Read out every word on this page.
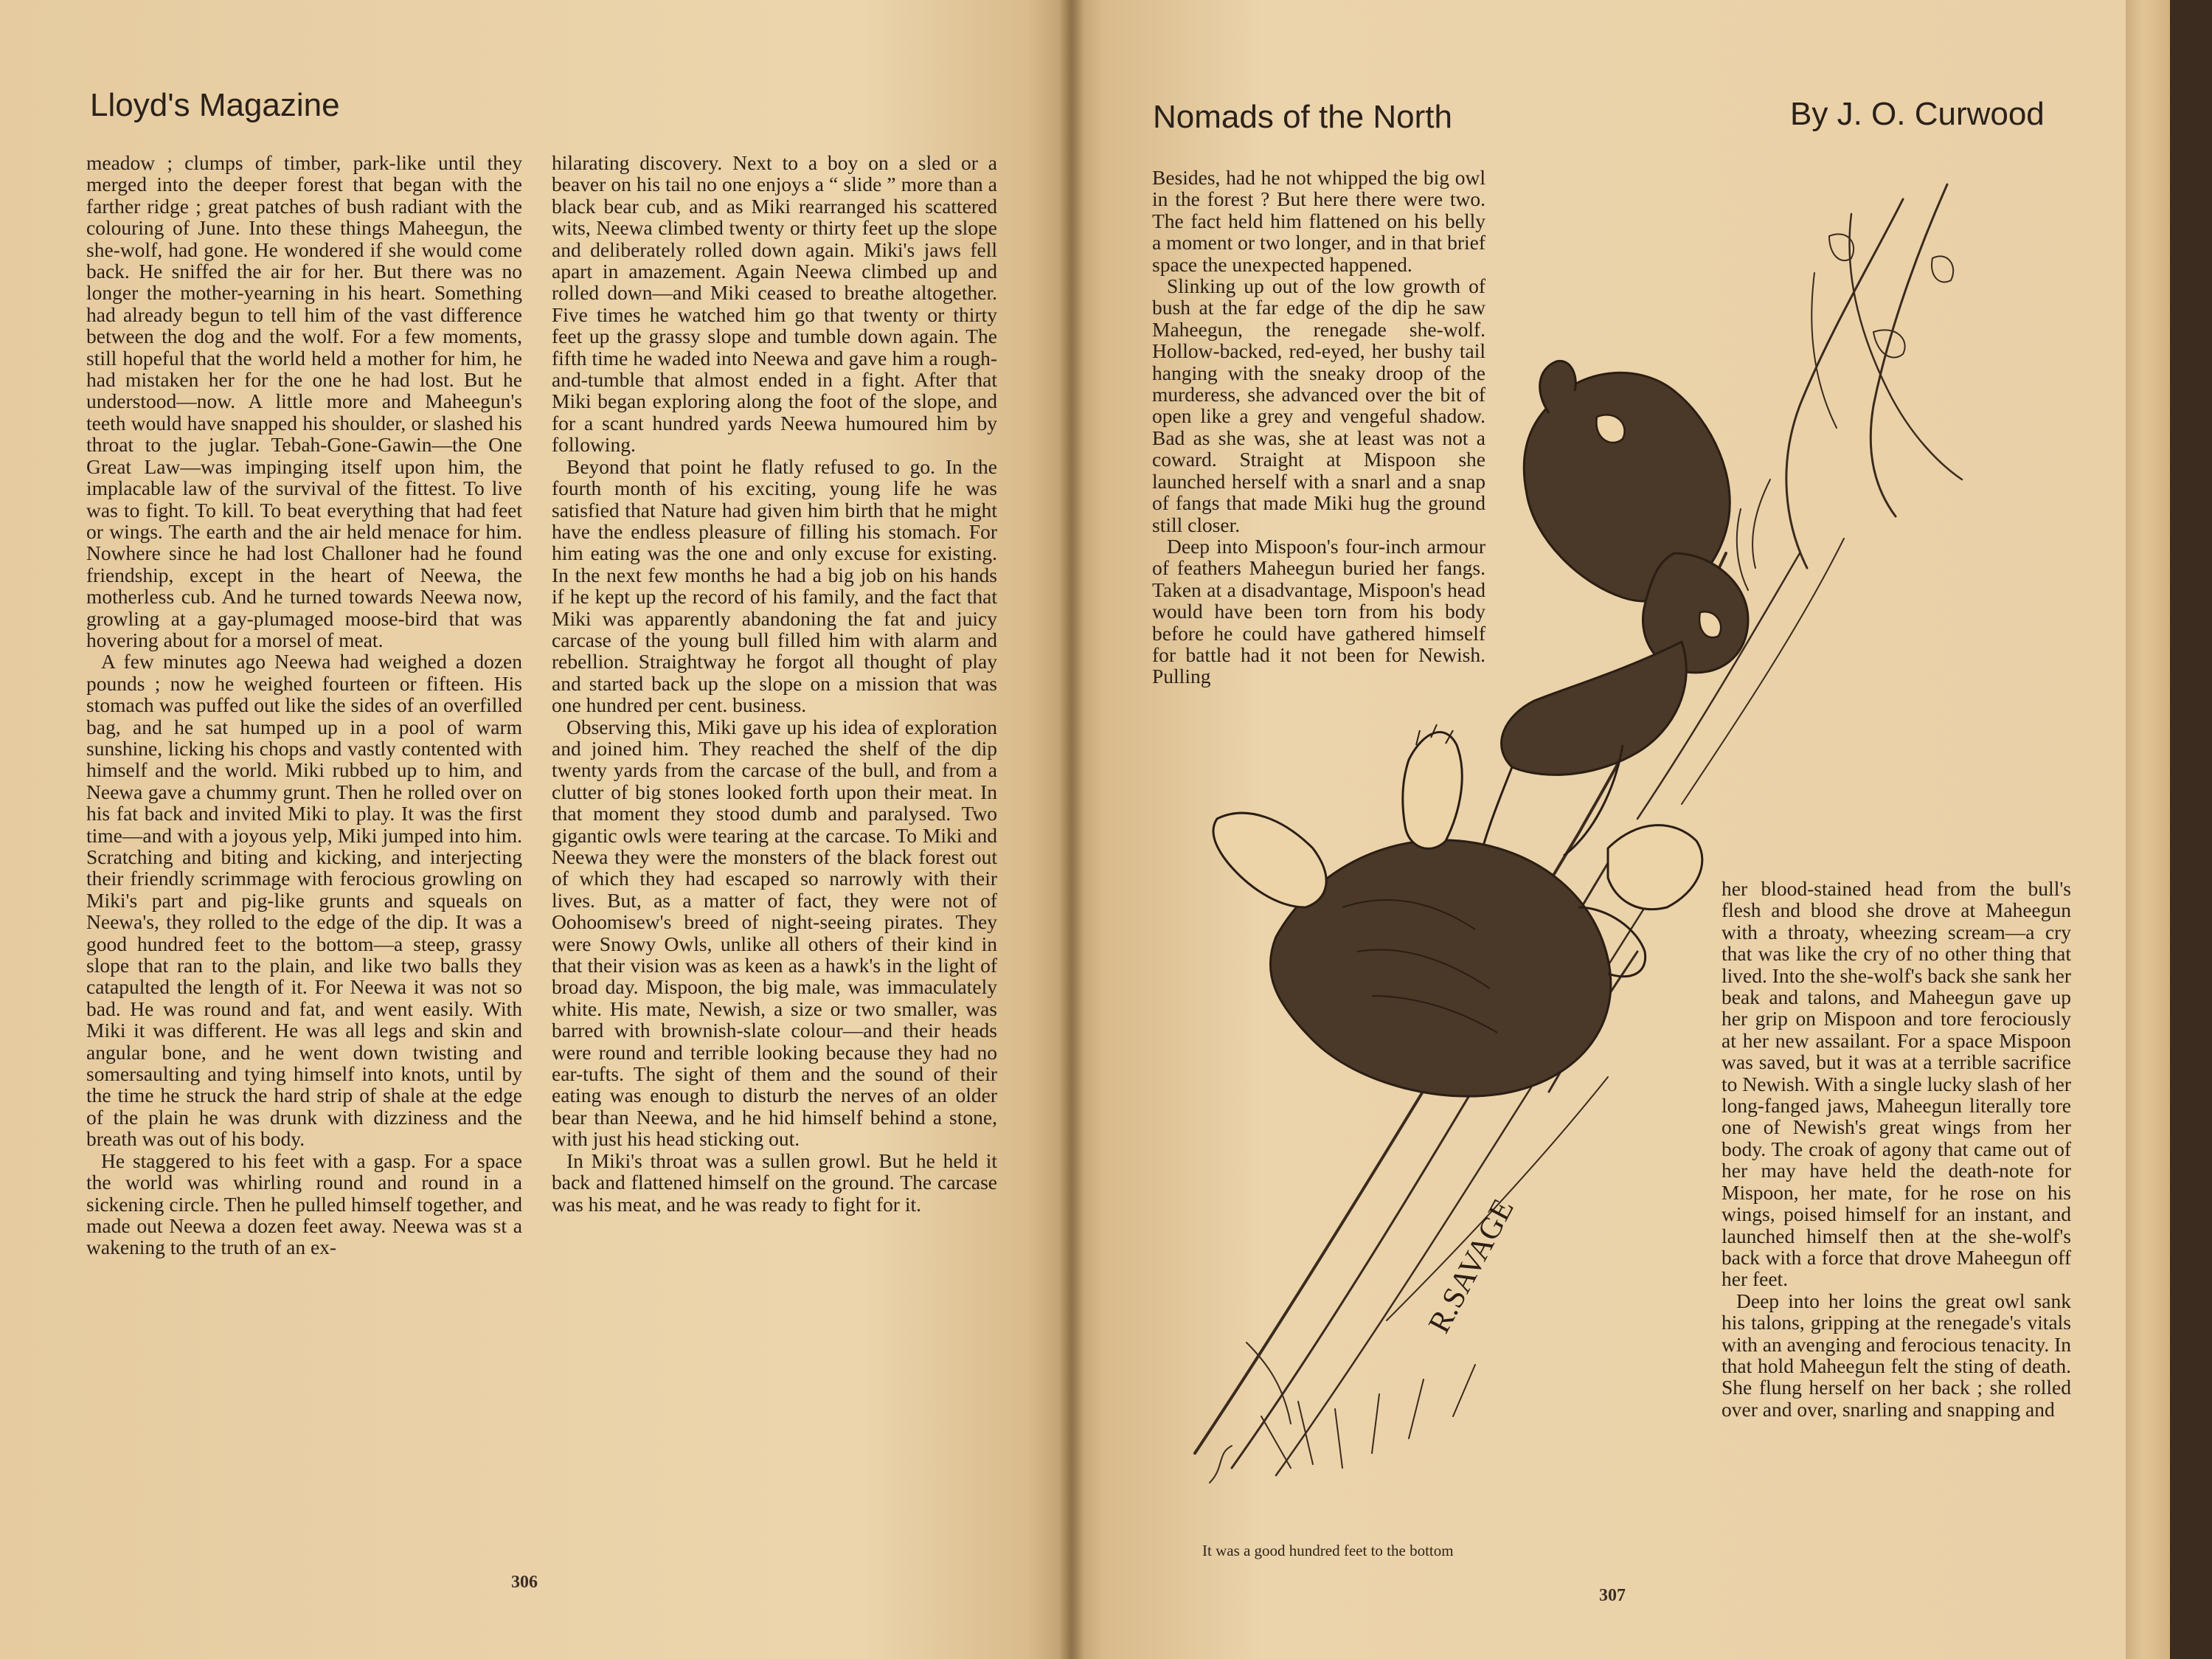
Lloyd's Magazine

meadow ; clumps of timber, park-like until they merged into the deeper forest that began with the farther ridge ; great patches of bush radiant with the colouring of June. Into these things Maheegun, the she-wolf, had gone. He wondered if she would come back. He sniffed the air for her. But there was no longer the mother-yearning in his heart. Something had already begun to tell him of the vast difference between the dog and the wolf. For a few moments, still hopeful that the world held a mother for him, he had mistaken her for the one he had lost. But he understood—now. A little more and Maheegun's teeth would have snapped his shoulder, or slashed his throat to the juglar. Tebah-Gone-Gawin—the One Great Law—was impinging itself upon him, the implacable law of the survival of the fittest. To live was to fight. To kill. To beat everything that had feet or wings. The earth and the air held menace for him. Nowhere since he had lost Challoner had he found friendship, except in the heart of Neewa, the motherless cub. And he turned towards Neewa now, growling at a gay-plumaged moose-bird that was hovering about for a morsel of meat.

A few minutes ago Neewa had weighed a dozen pounds ; now he weighed fourteen or fifteen. His stomach was puffed out like the sides of an overfilled bag, and he sat humped up in a pool of warm sunshine, licking his chops and vastly contented with himself and the world. Miki rubbed up to him, and Neewa gave a chummy grunt. Then he rolled over on his fat back and invited Miki to play. It was the first time—and with a joyous yelp, Miki jumped into him. Scratching and biting and kicking, and interjecting their friendly scrimmage with ferocious growling on Miki's part and pig-like grunts and squeals on Neewa's, they rolled to the edge of the dip. It was a good hundred feet to the bottom—a steep, grassy slope that ran to the plain, and like two balls they catapulted the length of it. For Neewa it was not so bad. He was round and fat, and went easily. With Miki it was different. He was all legs and skin and angular bone, and he went down twisting and somersaulting and tying himself into knots, until by the time he struck the hard strip of shale at the edge of the plain he was drunk with dizziness and the breath was out of his body.

He staggered to his feet with a gasp. For a space the world was whirling round and round in a sickening circle. Then he pulled himself together, and made out Neewa a dozen feet away. Neewa was st a wakening to the truth of an ex-

hilarating discovery. Next to a boy on a sled or a beaver on his tail no one enjoys a “ slide ” more than a black bear cub, and as Miki rearranged his scattered wits, Neewa climbed twenty or thirty feet up the slope and deliberately rolled down again. Miki's jaws fell apart in amazement. Again Neewa climbed up and rolled down—and Miki ceased to breathe altogether. Five times he watched him go that twenty or thirty feet up the grassy slope and tumble down again. The fifth time he waded into Neewa and gave him a rough-and-tumble that almost ended in a fight. After that Miki began exploring along the foot of the slope, and for a scant hundred yards Neewa humoured him by following.

Beyond that point he flatly refused to go. In the fourth month of his exciting, young life he was satisfied that Nature had given him birth that he might have the endless pleasure of filling his stomach. For him eating was the one and only excuse for existing. In the next few months he had a big job on his hands if he kept up the record of his family, and the fact that Miki was apparently abandoning the fat and juicy carcase of the young bull filled him with alarm and rebellion. Straightway he forgot all thought of play and started back up the slope on a mission that was one hundred per cent. business.

Observing this, Miki gave up his idea of exploration and joined him. They reached the shelf of the dip twenty yards from the carcase of the bull, and from a clutter of big stones looked forth upon their meat. In that moment they stood dumb and paralysed. Two gigantic owls were tearing at the carcase. To Miki and Neewa they were the monsters of the black forest out of which they had escaped so narrowly with their lives. But, as a matter of fact, they were not of Oohoomisew's breed of night-seeing pirates. They were Snowy Owls, unlike all others of their kind in that their vision was as keen as a hawk's in the light of broad day. Mispoon, the big male, was immaculately white. His mate, Newish, a size or two smaller, was barred with brownish-slate colour—and their heads were round and terrible looking because they had no ear-tufts. The sight of them and the sound of their eating was enough to disturb the nerves of an older bear than Neewa, and he hid himself behind a stone, with just his head sticking out.

In Miki's throat was a sullen growl. But he held it back and flattened himself on the ground. The carcase was his meat, and he was ready to fight for it.

306
Nomads of the North	By J. O. Curwood

Besides, had he not whipped the big owl in the forest ? But here there were two. The fact held him flattened on his belly a moment or two longer, and in that brief space the unexpected happened.

Slinking up out of the low growth of bush at the far edge of the dip he saw Maheegun, the renegade she-wolf. Hollow-backed, red-eyed, her bushy tail hanging with the sneaky droop of the murderess, she advanced over the bit of open like a grey and vengeful shadow. Bad as she was, she at least was not a coward. Straight at Mispoon she launched herself with a snarl and a snap of fangs that made Miki hug the ground still closer.

Deep into Mispoon's four-inch armour of feathers Maheegun buried her fangs. Taken at a disadvantage, Mispoon's head would have been torn from his body before he could have gathered himself for battle had it not been for Newish. Pulling

her blood-stained head from the bull's flesh and blood she drove at Maheegun with a throaty, wheezing scream—a cry that was like the cry of no other thing that lived. Into the she-wolf's back she sank her beak and talons, and Maheegun gave up her grip on Mispoon and tore ferociously at her new assailant. For a space Mispoon was saved, but it was at a terrible sacrifice to Newish. With a single lucky slash of her long-fanged jaws, Maheegun literally tore one of Newish's great wings from her body. The croak of agony that came out of her may have held the death-note for Mispoon, her mate, for he rose on his wings, poised himself for an instant, and launched himself then at the she-wolf's back with a force that drove Maheegun off her feet.

Deep into her loins the great owl sank his talons, gripping at the renegade's vitals with an avenging and ferocious tenacity. In that hold Maheegun felt the sting of death. She flung herself on her back ; she rolled over and over, snarling and snapping and

R.SAVAGE
It was a good hundred feet to the bottom
307
